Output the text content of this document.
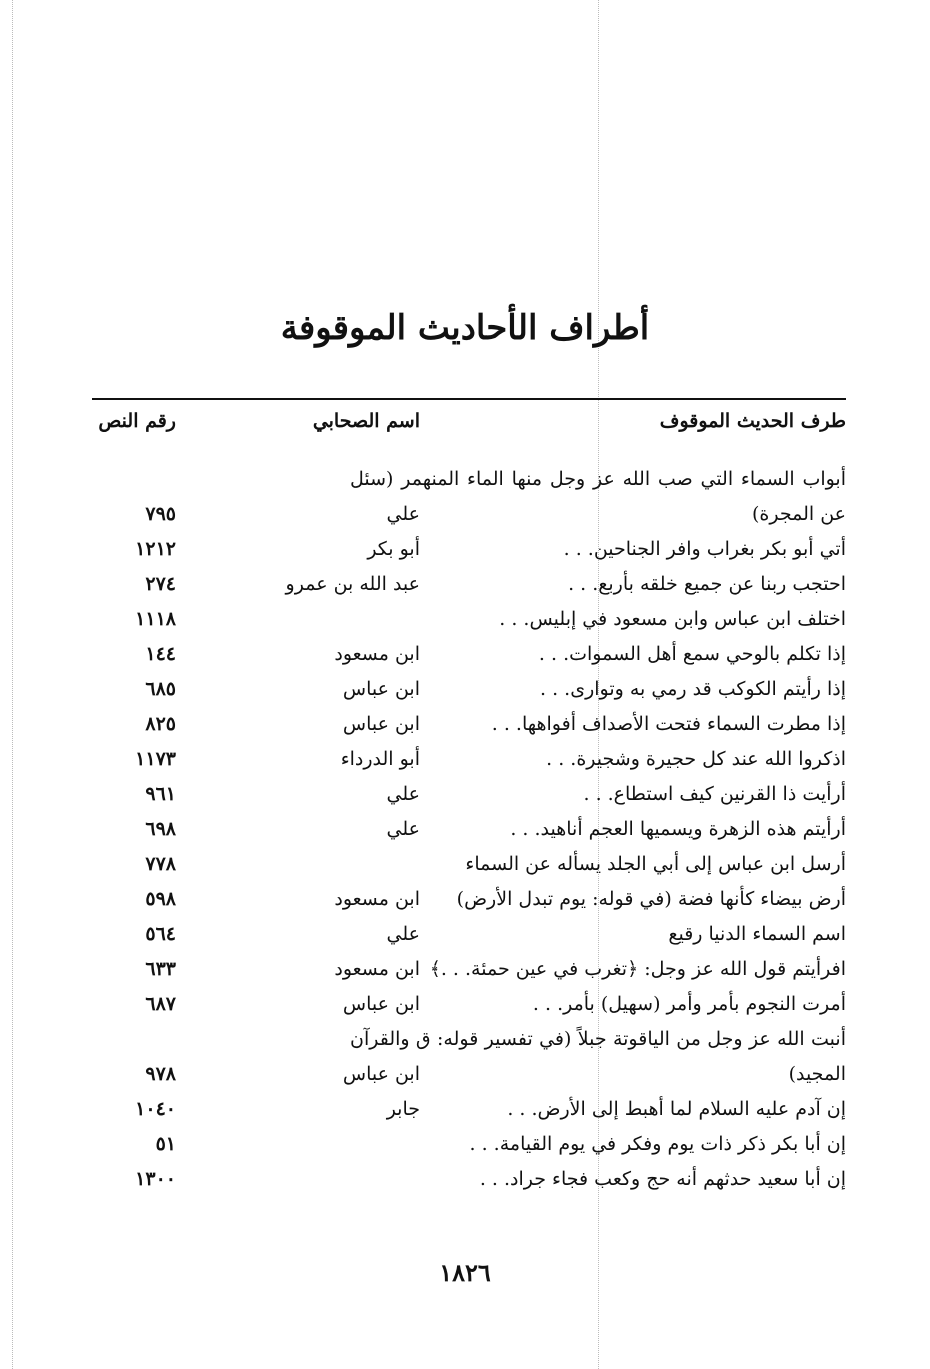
أطراف الأحاديث الموقوفة
طرف الحديث الموقوف
اسم الصحابي
رقم النص
أبواب السماء التي صب الله عز وجل منها الماء المنهمر (سئل عن المجرة)
علي
٧٩٥
أتي أبو بكر بغراب وافر الجناحين. . .
أبو بكر
١٢١٢
احتجب ربنا عن جميع خلقه بأربع. . .
عبد الله بن عمرو
٢٧٤
اختلف ابن عباس وابن مسعود في إبليس. . .
١١١٨
إذا تكلم بالوحي سمع أهل السموات. . .
ابن مسعود
١٤٤
إذا رأيتم الكوكب قد رمي به وتوارى. . .
ابن عباس
٦٨٥
إذا مطرت السماء فتحت الأصداف أفواهها. . .
ابن عباس
٨٢٥
اذكروا الله عند كل حجيرة وشجيرة. . .
أبو الدرداء
١١٧٣
أرأيت ذا القرنين كيف استطاع. . .
علي
٩٦١
أرأيتم هذه الزهرة ويسميها العجم أناهيد. . .
علي
٦٩٨
أرسل ابن عباس إلى أبي الجلد يسأله عن السماء
٧٧٨
أرض بيضاء كأنها فضة (في قوله: يوم تبدل الأرض)
ابن مسعود
٥٩٨
اسم السماء الدنيا رقيع
علي
٥٦٤
افرأيتم قول الله عز وجل: ﴿تغرب في عين حمئة. . .﴾
ابن مسعود
٦٣٣
أمرت النجوم بأمر وأمر (سهيل) بأمر. . .
ابن عباس
٦٨٧
أنبت الله عز وجل من الياقوتة جبلاً (في تفسير قوله: ق والقرآن المجيد)
ابن عباس
٩٧٨
إن آدم عليه السلام لما أهبط إلى الأرض. . .
جابر
١٠٤٠
إن أبا بكر ذكر ذات يوم وفكر في يوم القيامة. . .
٥١
إن أبا سعيد حدثهم أنه حج وكعب فجاء جراد. . .
١٣٠٠
١٨٢٦
